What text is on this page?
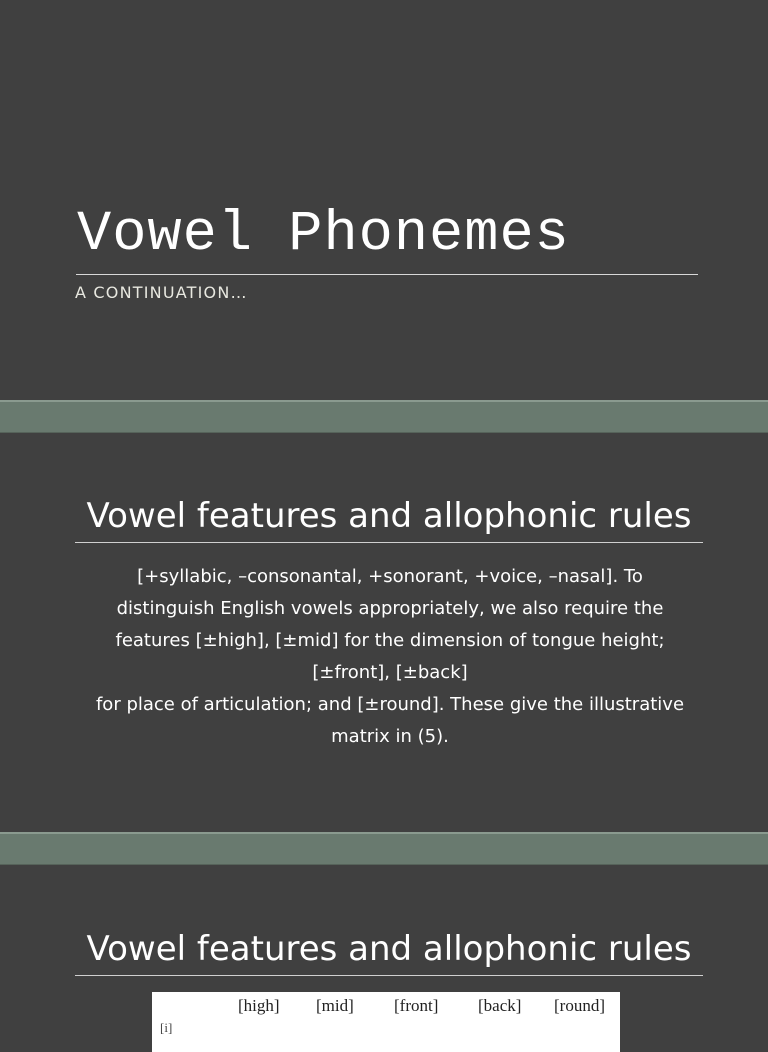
Vowel Phonemes

A CONTINUATION…

Vowel features and allophonic rules

[+syllabic, –consonantal, +sonorant, +voice, –nasal]. To
distinguish English vowels appropriately, we also require the
features [±high], [±mid] for the dimension of tongue height;
[±front], [±back]
for place of articulation; and [±round]. These give the illustrative
matrix in (5).

Vowel features and allophonic rules
[high] [mid] [front] [back] [round]
[i]
